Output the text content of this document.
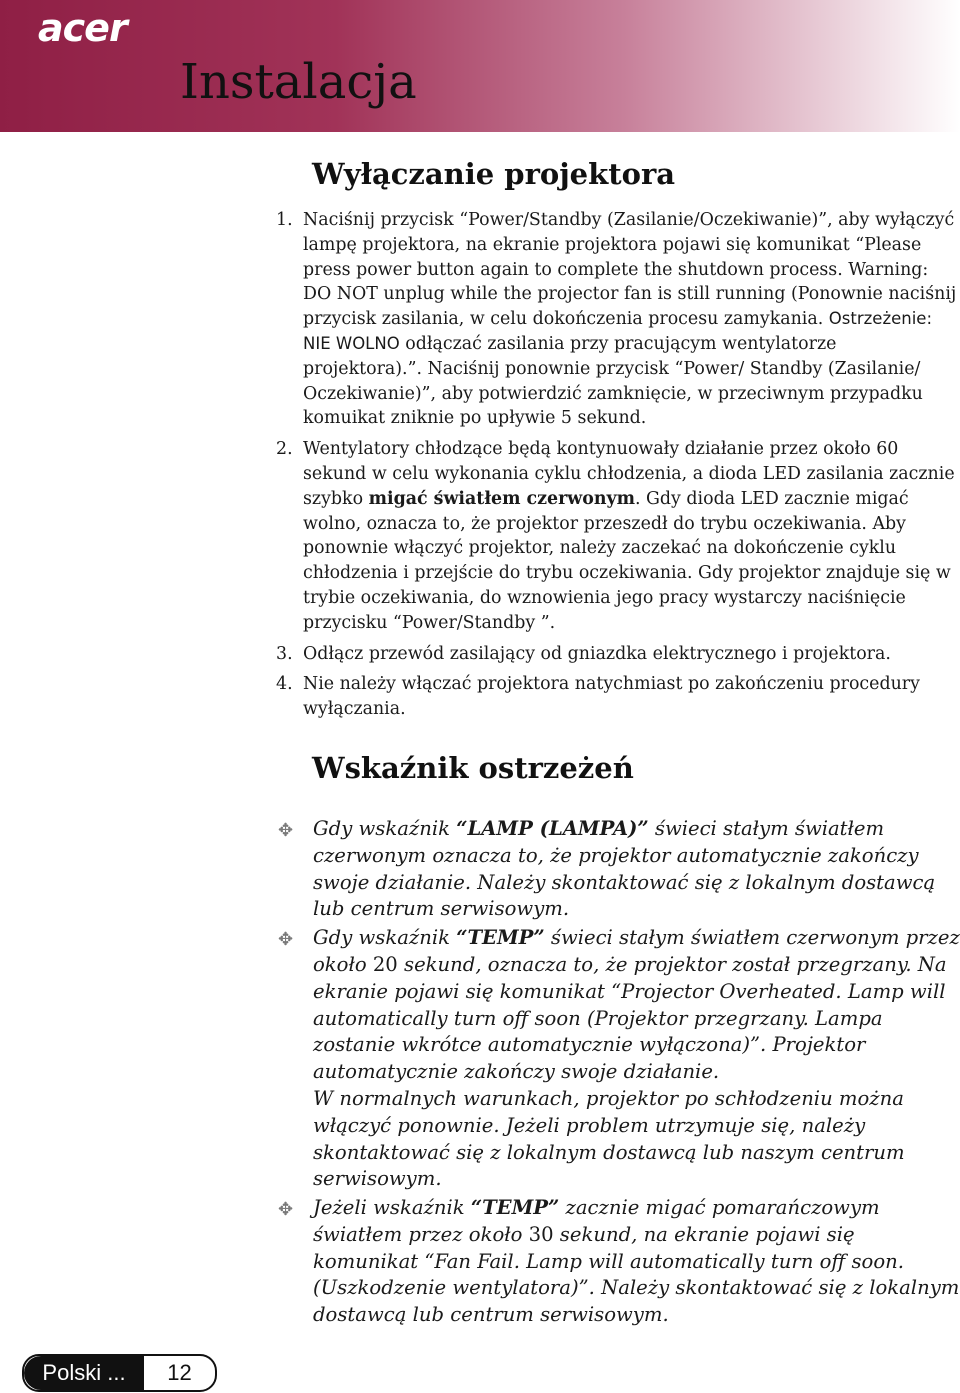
acer
Instalacja
Wyłączanie projektora
1. Naciśnij przycisk “Power/Standby (Zasilanie/Oczekiwanie)”, aby wyłączyć lampę projektora, na ekranie projektora pojawi się komunikat “Please press power button again to complete the shutdown process. Warning: DO NOT unplug while the projector fan is still running (Ponownie naciśnij przycisk zasilania, w celu dokończenia procesu zamykania. Ostrzeżenie: NIE WOLNO odłączać zasilania przy pracującym wentylatorze projektora).”. Naciśnij ponownie przycisk “Power/ Standby (Zasilanie/ Oczekiwanie)”, aby potwierdzić zamknięcie, w przeciwnym przypadku komuikat zniknie po upływie 5 sekund.
2. Wentylatory chłodzące będą kontynuowały działanie przez około 60 sekund w celu wykonania cyklu chłodzenia, a dioda LED zasilania zacznie szybko migać światłem czerwonym. Gdy dioda LED zacznie migać wolno, oznacza to, że projektor przeszedł do trybu oczekiwania. Aby ponownie włączyć projektor, należy zaczekać na dokończenie cyklu chłodzenia i przejście do trybu oczekiwania. Gdy projektor znajduje się w trybie oczekiwania, do wznowienia jego pracy wystarczy naciśnięcie przycisku “Power/Standby ”.
3. Odłącz przewód zasilający od gniazdka elektrycznego i projektora.
4. Nie należy włączać projektora natychmiast po zakończeniu procedury wyłączania.
Wskaźnik ostrzeżeń
✥ Gdy wskaźnik “LAMP (LAMPA)” świeci stałym światłem czerwonym oznacza to, że projektor automatycznie zakończy swoje działanie. Należy skontaktować się z lokalnym dostawcą lub centrum serwisowym.
✥ Gdy wskaźnik “TEMP” świeci stałym światłem czerwonym przez około 20 sekund, oznacza to, że projektor został przegrzany. Na ekranie pojawi się komunikat “Projector Overheated. Lamp will automatically turn off soon (Projektor przegrzany. Lampa zostanie wkrótce automatycznie wyłączona)”. Projektor automatycznie zakończy swoje działanie.
W normalnych warunkach, projektor po schłodzeniu można włączyć ponownie. Jeżeli problem utrzymuje się, należy skontaktować się z lokalnym dostawcą lub naszym centrum serwisowym.
✥ Jeżeli wskaźnik “TEMP” zacznie migać pomarańczowym światłem przez około 30 sekund, na ekranie pojawi się komunikat “Fan Fail. Lamp will automatically turn off soon.(Uszkodzenie wentylatora)”. Należy skontaktować się z lokalnym dostawcą lub centrum serwisowym.
Polski ...	12
